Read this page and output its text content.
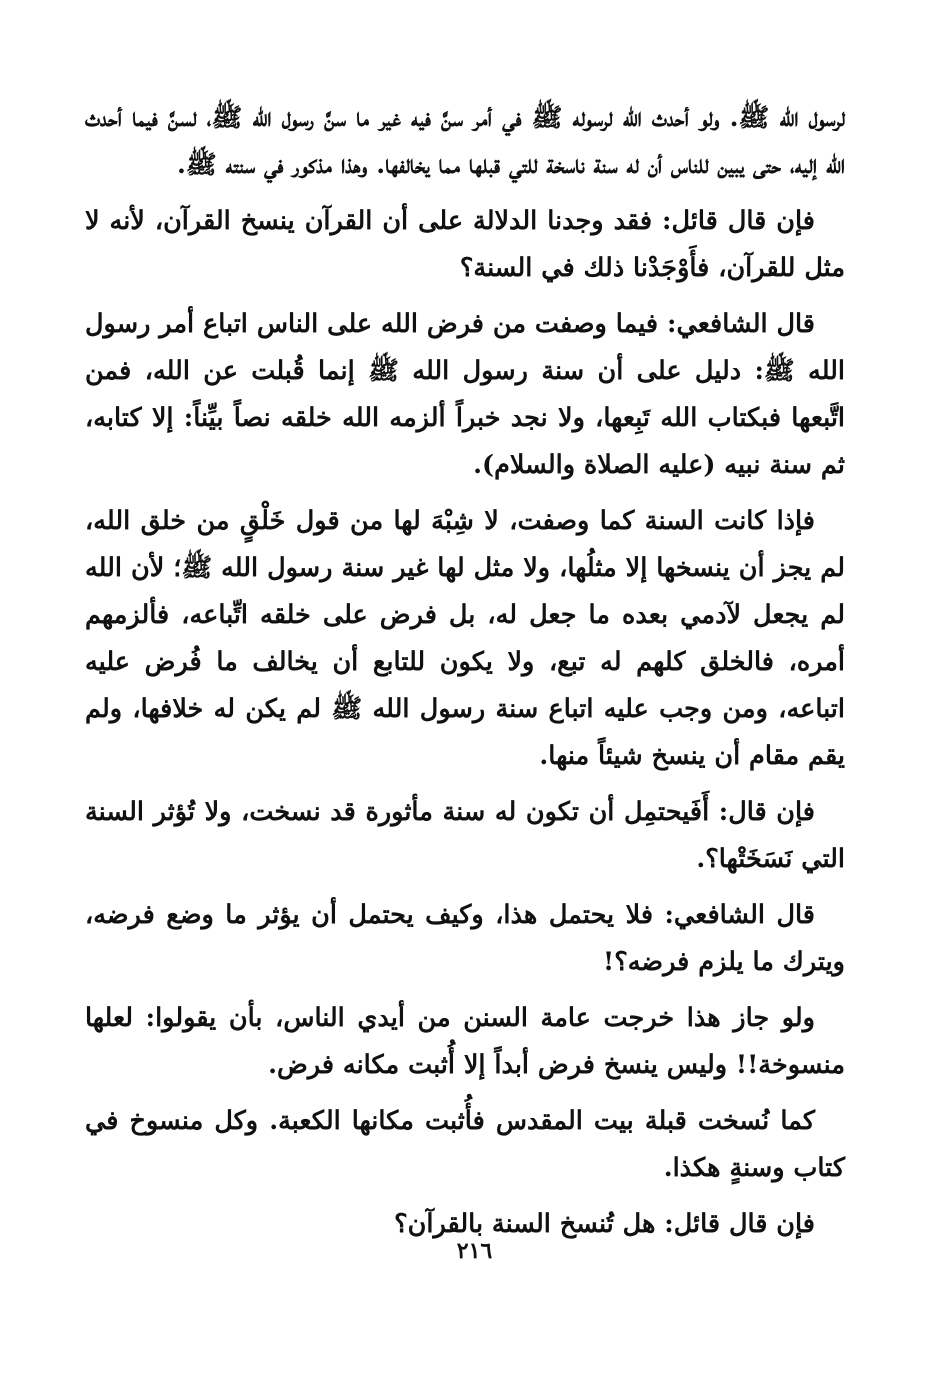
لرسول الله ﷺ. ولو أحدث الله لرسوله ﷺ في أمر سنَّ فيه غير ما سنَّ رسول الله ﷺ، لسنَّ فيما أحدث الله إليه، حتى يبين للناس أن له سنة ناسخة للتي قبلها مما يخالفها. وهذا مذكور في سنته ﷺ.

فإن قال قائل: فقد وجدنا الدلالة على أن القرآن ينسخ القرآن، لأنه لا مثل للقرآن، فأَوْجَدْنا ذلك في السنة؟

قال الشافعي: فيما وصفت من فرض الله على الناس اتباع أمر رسول الله ﷺ: دليل على أن سنة رسول الله ﷺ إنما قُبلت عن الله، فمن اتَّبعها فبكتاب الله تَبِعها، ولا نجد خبراً ألزمه الله خلقه نصاً بيِّناً: إلا كتابه، ثم سنة نبيه (عليه الصلاة والسلام).

فإذا كانت السنة كما وصفت، لا شِبْهَ لها من قول خَلْقٍ من خلق الله، لم يجز أن ينسخها إلا مثلُها، ولا مثل لها غير سنة رسول الله ﷺ؛ لأن الله لم يجعل لآدمي بعده ما جعل له، بل فرض على خلقه اتِّباعه، فألزمهم أمره، فالخلق كلهم له تبع، ولا يكون للتابع أن يخالف ما فُرض عليه اتباعه، ومن وجب عليه اتباع سنة رسول الله ﷺ لم يكن له خلافها، ولم يقم مقام أن ينسخ شيئاً منها.

فإن قال: أَفَيحتمِل أن تكون له سنة مأثورة قد نسخت، ولا تُؤثر السنة التي نَسَخَتْها؟.

قال الشافعي: فلا يحتمل هذا، وكيف يحتمل أن يؤثر ما وضع فرضه، ويترك ما يلزم فرضه؟!

ولو جاز هذا خرجت عامة السنن من أيدي الناس، بأن يقولوا: لعلها منسوخة!! وليس ينسخ فرض أبداً إلا أُثبت مكانه فرض.

كما نُسخت قبلة بيت المقدس فأُثبت مكانها الكعبة. وكل منسوخ في كتاب وسنةٍ هكذا.

فإن قال قائل: هل تُنسخ السنة بالقرآن؟

٢١٦
